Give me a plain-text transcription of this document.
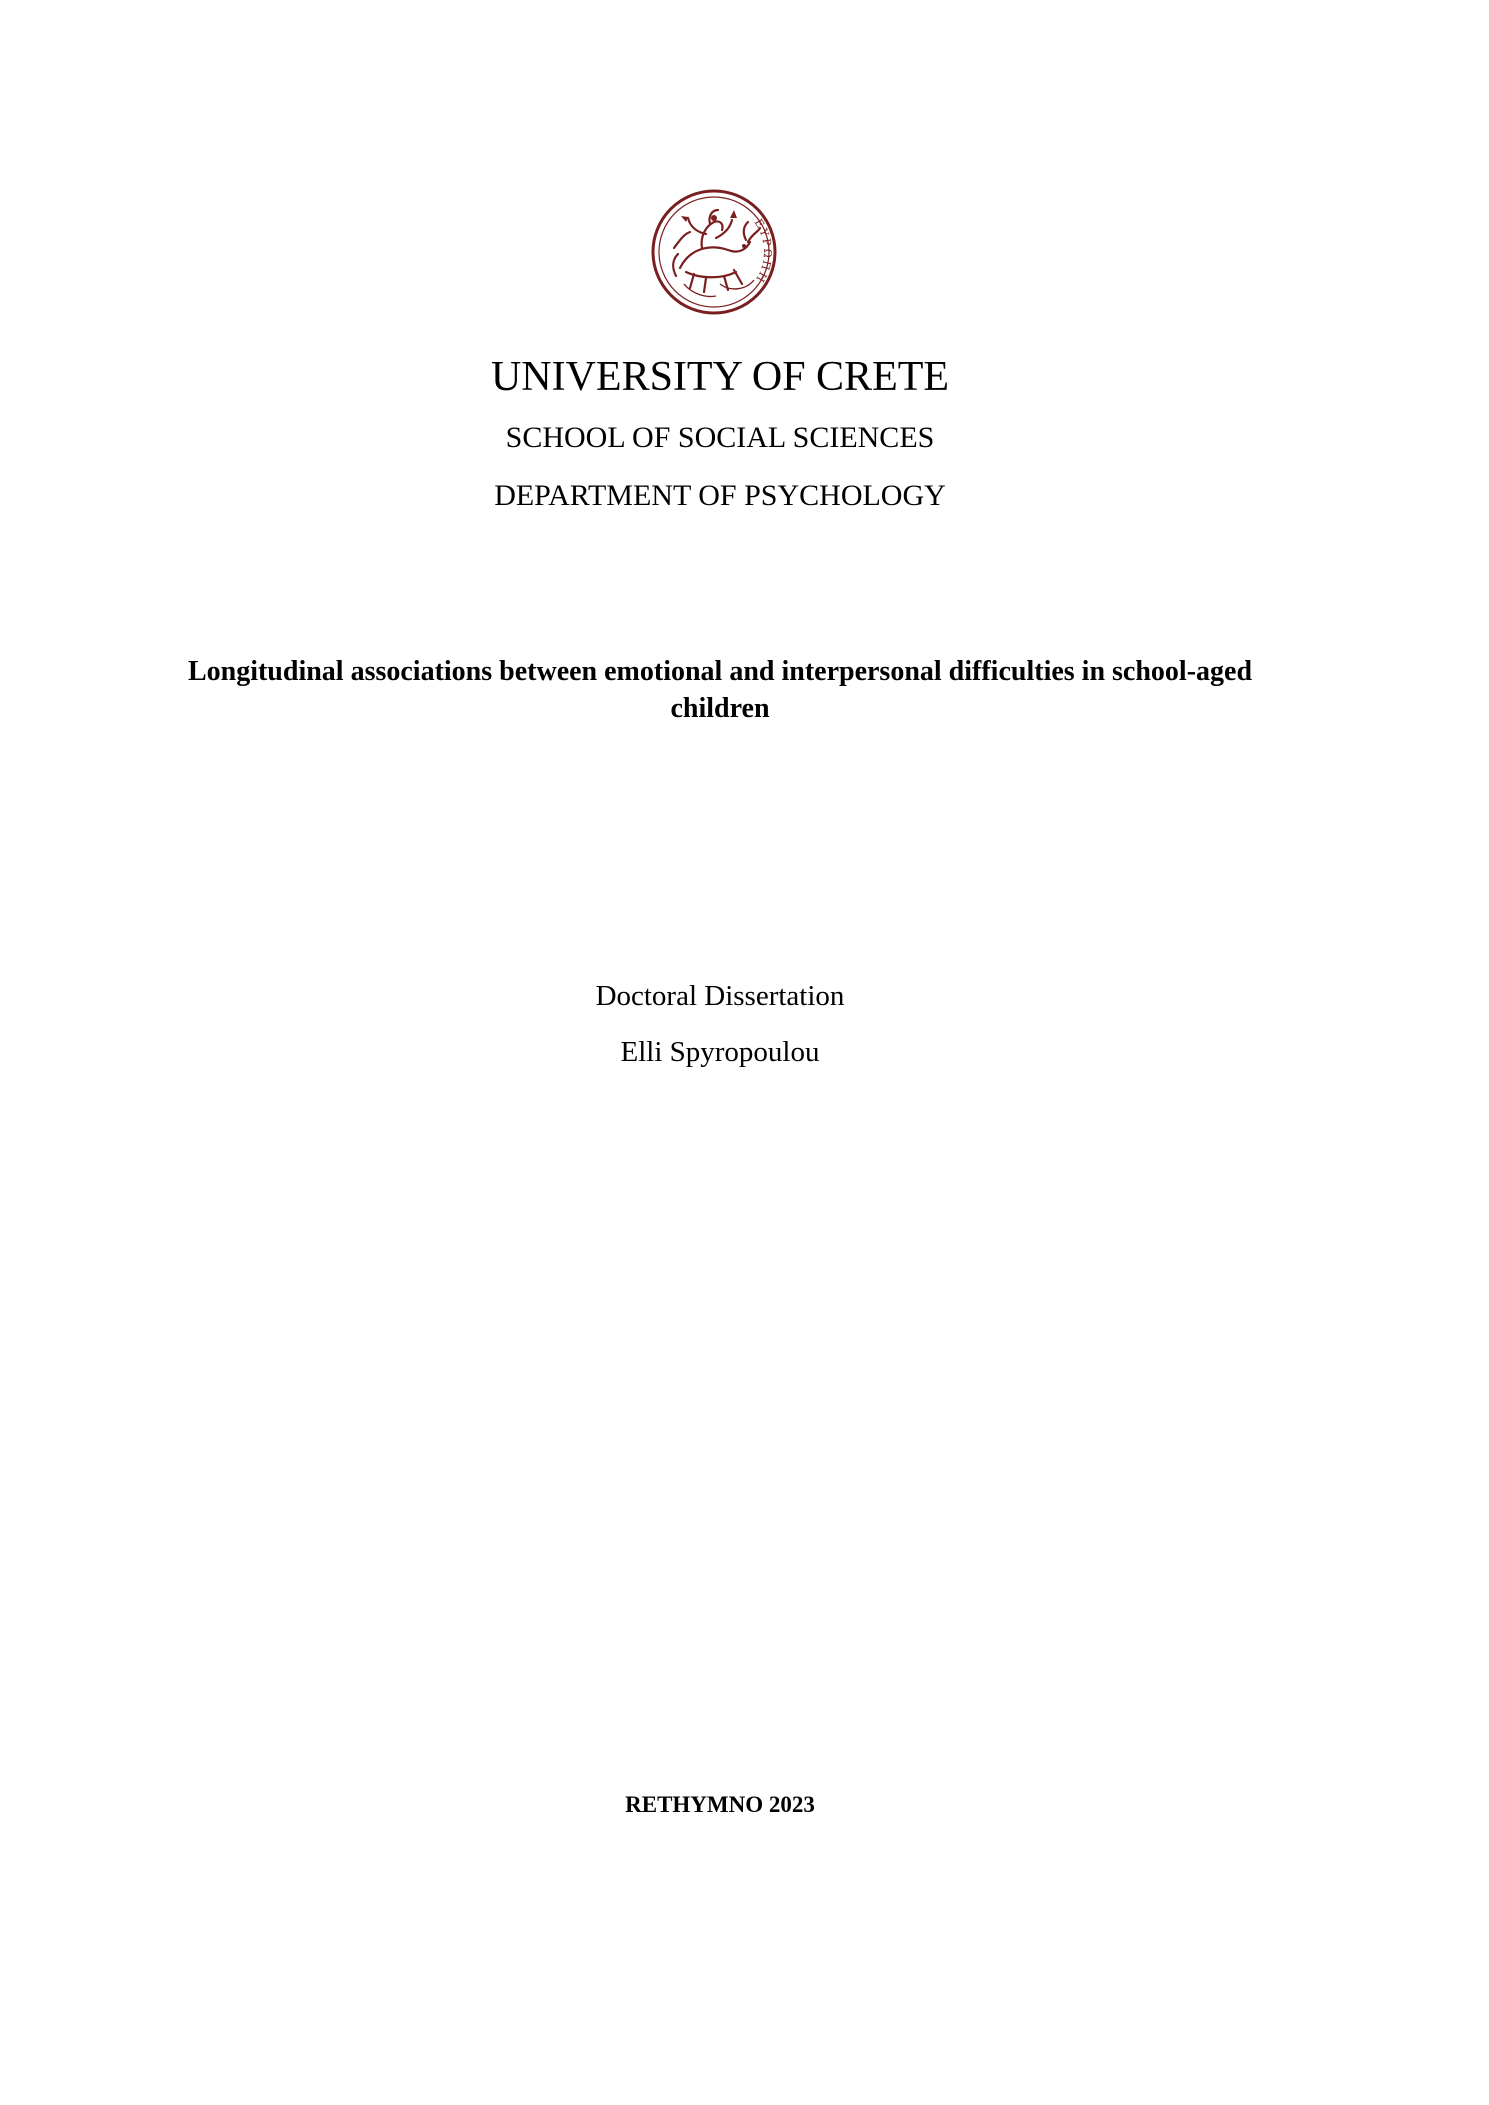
ΕΥΡΩΠΗ
UNIVERSITY OF CRETE
SCHOOL OF SOCIAL SCIENCES
DEPARTMENT OF PSYCHOLOGY
Longitudinal associations between emotional and interpersonal difficulties in school-aged children
Doctoral Dissertation
Elli Spyropoulou
RETHYMNO 2023
